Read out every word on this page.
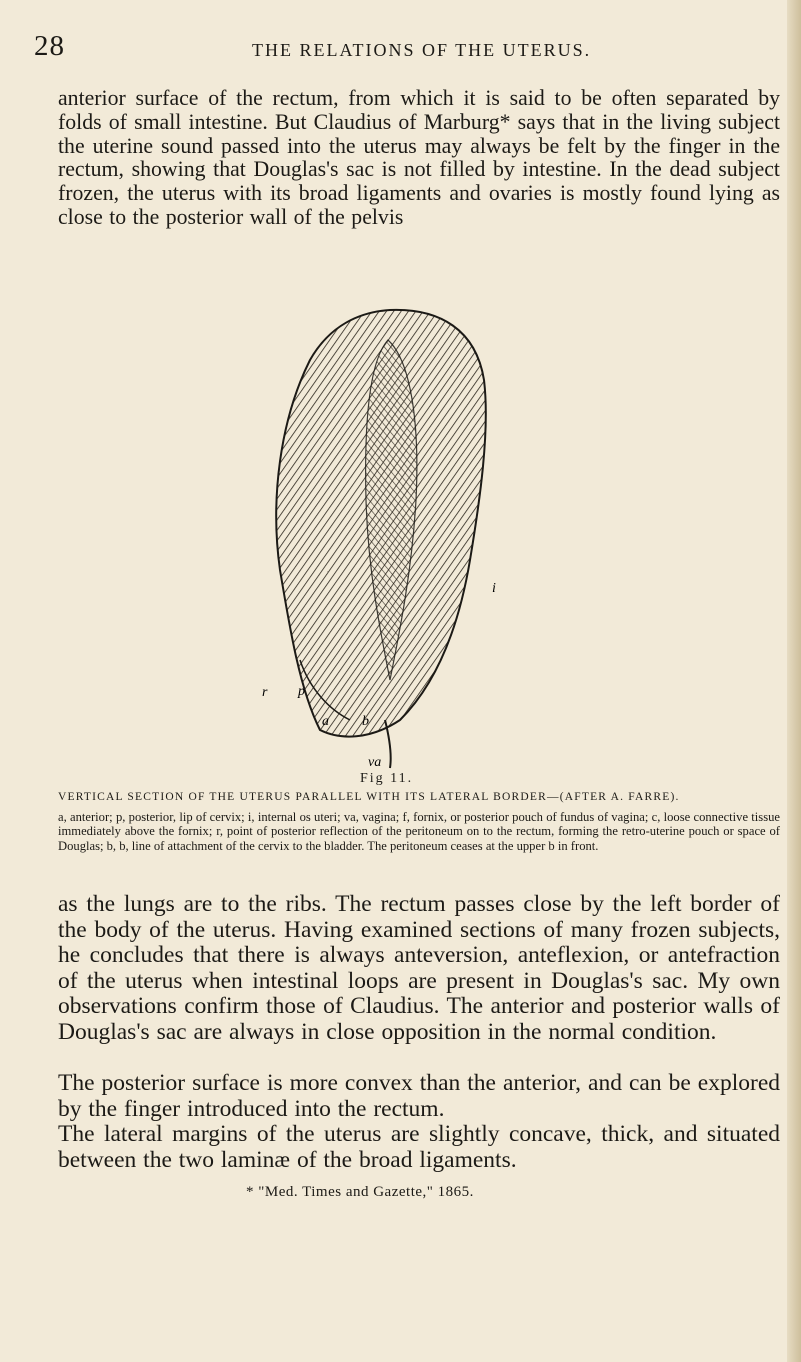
28	THE RELATIONS OF THE UTERUS.

anterior surface of the rectum, from which it is said to be often separated by folds of small intestine. But Claudius of Marburg* says that in the living subject the uterine sound passed into the uterus may always be felt by the finger in the rectum, showing that Douglas's sac is not filled by intestine. In the dead subject frozen, the uterus with its broad ligaments and ovaries is mostly found lying as close to the posterior wall of the pelvis

i
p
a
r
b
va
Fig 11.
VERTICAL SECTION OF THE UTERUS PARALLEL WITH ITS LATERAL BORDER—(AFTER A. FARRE).

a, anterior; p, posterior, lip of cervix; i, internal os uteri; va, vagina; f, fornix, or posterior pouch of fundus of vagina; c, loose connective tissue immediately above the fornix; r, point of posterior reflection of the peritoneum on to the rectum, forming the retro-uterine pouch or space of Douglas; b, b, line of attachment of the cervix to the bladder. The peritoneum ceases at the upper b in front.

as the lungs are to the ribs. The rectum passes close by the left border of the body of the uterus. Having examined sections of many frozen subjects, he concludes that there is always anteversion, anteflexion, or antefraction of the uterus when intestinal loops are present in Douglas's sac. My own observations confirm those of Claudius. The anterior and posterior walls of Douglas's sac are always in close opposition in the normal condition.

The posterior surface is more convex than the anterior, and can be explored by the finger introduced into the rectum.

The lateral margins of the uterus are slightly concave, thick, and situated between the two laminæ of the broad ligaments.

* "Med. Times and Gazette," 1865.
